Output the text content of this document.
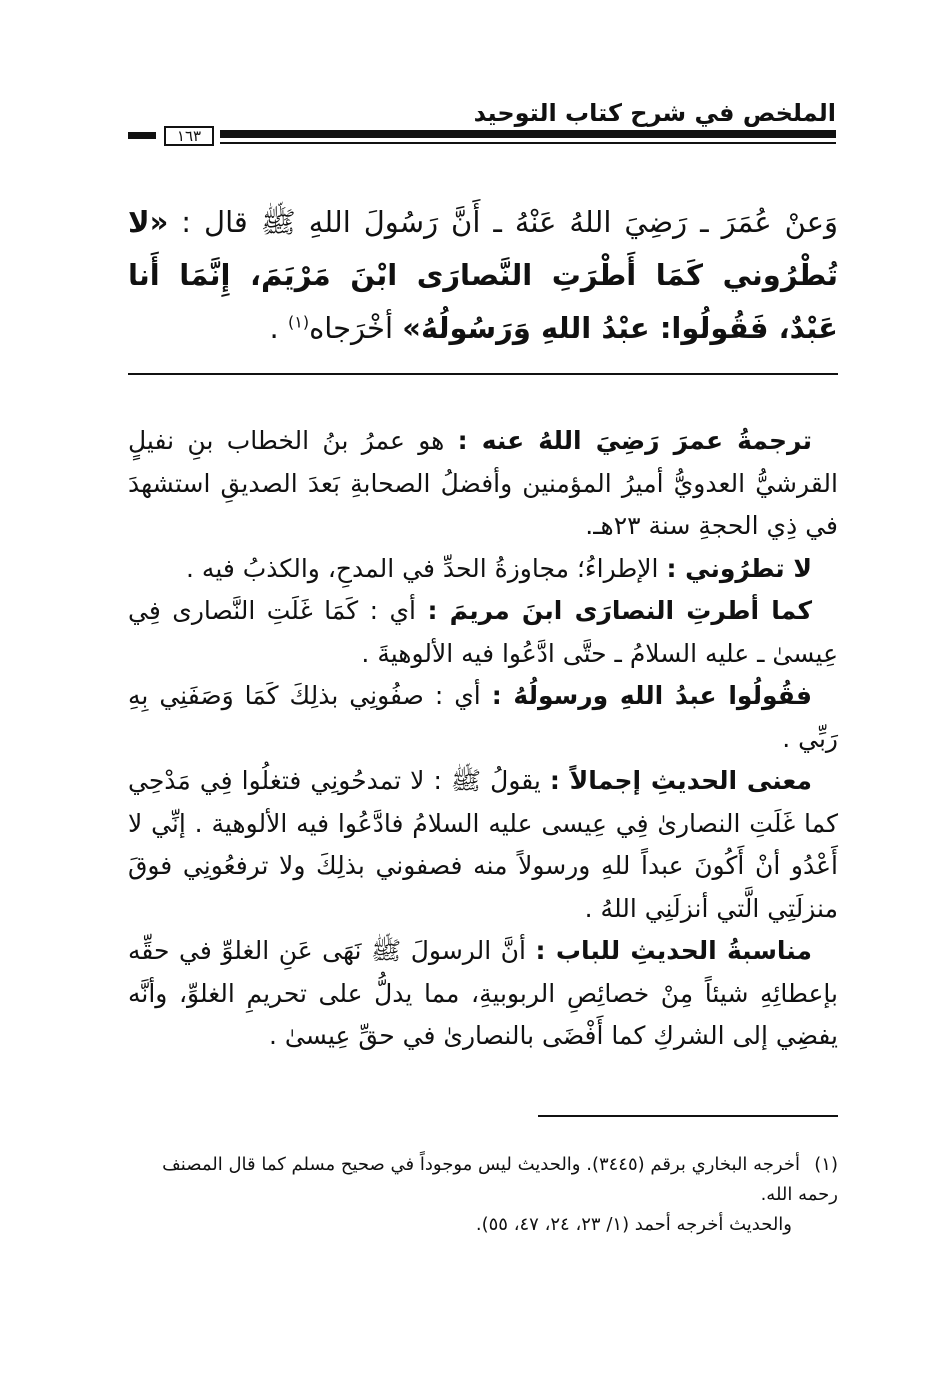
الملخص في شرح كتاب التوحيد
١٦٣
وَعنْ عُمَرَ ـ رَضِيَ اللهُ عَنْهُ ـ أَنَّ رَسُولَ اللهِ ﷺ قال : «لا تُطْرُوني كَمَا أَطْرَتِ النَّصارَى ابْنَ مَرْيَمَ، إِنَّمَا أَنا عَبْدٌ، فَقُولُوا: عبْدُ اللهِ وَرَسُولُهُ» أخْرَجاه$^{(١)}$ .

ترجمةُ عمرَ رَضِيَ اللهُ عنه : هو عمرُ بنُ الخطاب بنِ نفيلٍ القرشيُّ العدويُّ أميرُ المؤمنين وأفضلُ الصحابةِ بَعدَ الصديقِ استشهدَ في ذِي الحجةِ سنة ٢٣هـ.

لا تطرُوني : الإطراءُ؛ مجاوزةُ الحدِّ في المدحِ، والكذبُ فيه .

كما أطرتِ النصارَى ابنَ مريمَ : أي : كَمَا غَلَتِ النَّصارى فِي عِيسىٰ ـ عليه السلامُ ـ حتَّى ادَّعُوا فيه الألوهيةَ .

فقُولُوا عبدُ اللهِ ورسولُهُ : أي : صفُونِي بذلِكَ كَمَا وَصَفَنِي بِهِ رَبِّي .

معنى الحديثِ إجمالاً : يقولُ ﷺ : لا تمدحُونِي فتغلُوا فِي مَدْحِي كما غَلَتِ النصارىٰ فِي عِيسى عليه السلامُ فادَّعُوا فيه الألوهية . إنِّي لا أَعْدُو أنْ أَكُونَ عبداً للهِ ورسولاً منه فصفوني بذلِكَ ولا ترفعُونِي فوقَ منزلَتِي الَّتي أنزلَنِي اللهُ .

مناسبةُ الحديثِ للباب : أنَّ الرسولَ ﷺ نَهَى عَنِ الغلوِّ في حقِّه بإعطائِهِ شيئاً مِنْ خصائِصِ الربوبيةِ، مما يدلُّ على تحريمِ الغلوِّ، وأنَّه يفضِي إلى الشركِ كما أَفْضَى بالنصارىٰ في حقِّ عِيسىٰ .

(١)أخرجه البخاري برقم (٣٤٤٥). والحديث ليس موجوداً في صحيح مسلم كما قال المصنف رحمه الله.

والحديث أخرجه أحمد (١/ ٢٣، ٢٤، ٤٧، ٥٥).
